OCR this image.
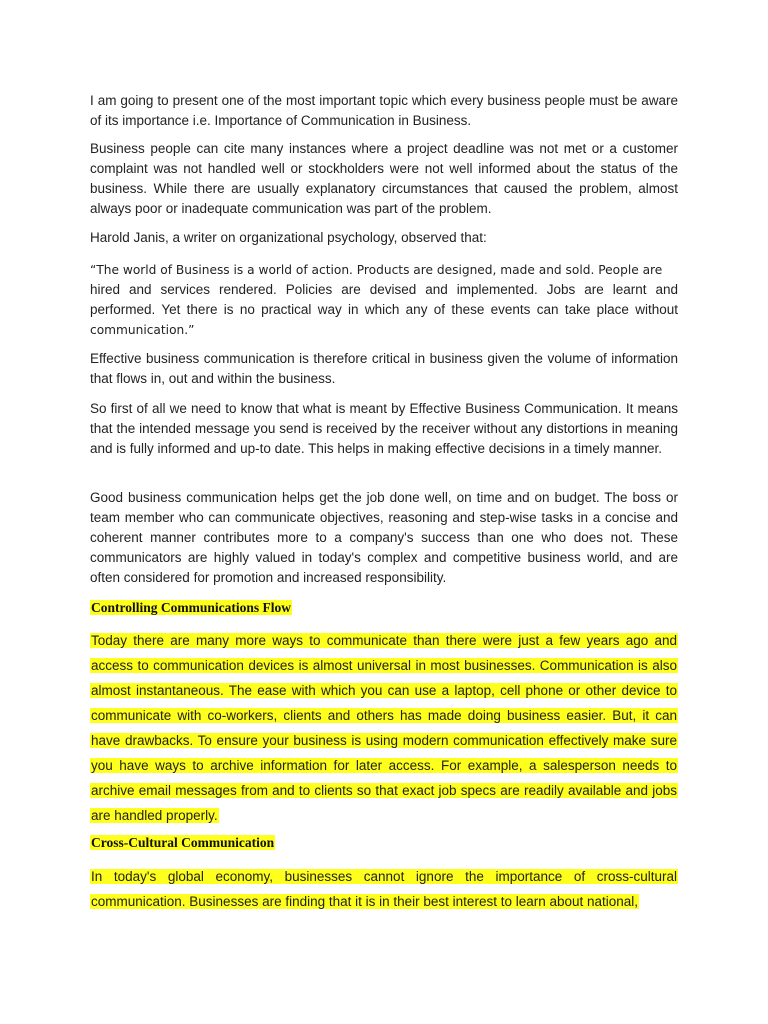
I am going to present one of the most important topic which every business people must be aware of its importance i.e. Importance of Communication in Business.

Business people can cite many instances where a project deadline was not met or a customer complaint was not handled well or stockholders were not well informed about the status of the business. While there are usually explanatory circumstances that caused the problem, almost always poor or inadequate communication was part of the problem.

Harold Janis, a writer on organizational psychology, observed that:

“The world of Business is a world of action. Products are designed, made and sold. People are
hired and services rendered. Policies are devised and implemented. Jobs are learnt and performed. Yet there is no practical way in which any of these events can take place without
communication.”

Effective business communication is therefore critical in business given the volume of information that flows in, out and within the business.

So first of all we need to know that what is meant by Effective Business Communication. It means that the intended message you send is received by the receiver without any distortions in meaning and is fully informed and up-to date. This helps in making effective decisions in a timely manner.

Good business communication helps get the job done well, on time and on budget. The boss or team member who can communicate objectives, reasoning and step-wise tasks in a concise and coherent manner contributes more to a company's success than one who does not. These communicators are highly valued in today's complex and competitive business world, and are often considered for promotion and increased responsibility.

Controlling Communications Flow

Today there are many more ways to communicate than there were just a few years ago and access to communication devices is almost universal in most businesses. Communication is also almost instantaneous. The ease with which you can use a laptop, cell phone or other device to communicate with co-workers, clients and others has made doing business easier. But, it can have drawbacks. To ensure your business is using modern communication effectively make sure you have ways to archive information for later access. For example, a salesperson needs to archive email messages from and to clients so that exact job specs are readily available and jobs are handled properly.

Cross-Cultural Communication

In today's global economy, businesses cannot ignore the importance of cross-cultural communication. Businesses are finding that it is in their best interest to learn about national,
